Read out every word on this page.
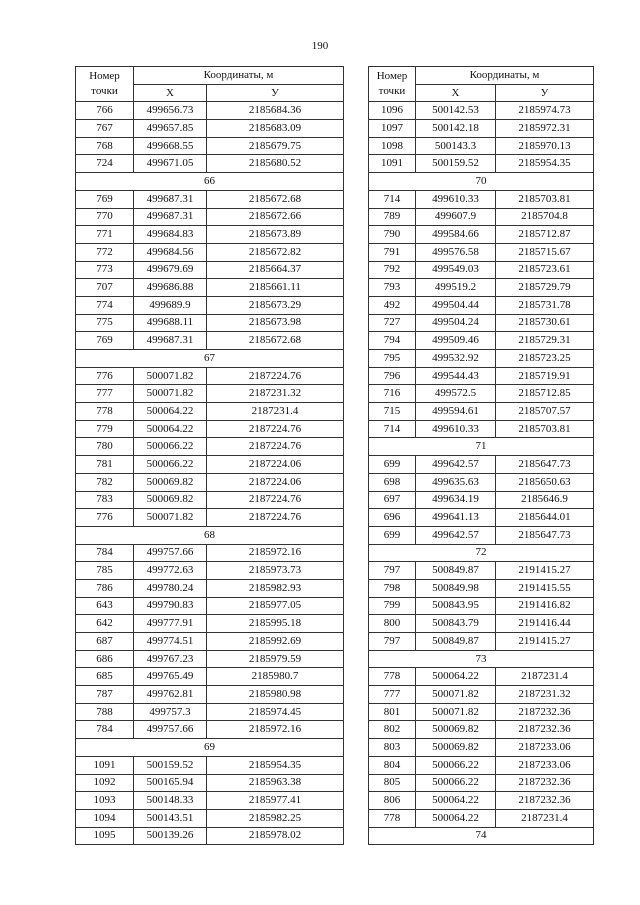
190
Номер
точки	Координаты, м	
	X	У
766	499656.73	2185684.36
767	499657.85	2185683.09
768	499668.55	2185679.75
724	499671.05	2185680.52
66		
769	499687.31	2185672.68
770	499687.31	2185672.66
771	499684.83	2185673.89
772	499684.56	2185672.82
773	499679.69	2185664.37
707	499686.88	2185661.11
774	499689.9	2185673.29
775	499688.11	2185673.98
769	499687.31	2185672.68
67		
776	500071.82	2187224.76
777	500071.82	2187231.32
778	500064.22	2187231.4
779	500064.22	2187224.76
780	500066.22	2187224.76
781	500066.22	2187224.06
782	500069.82	2187224.06
783	500069.82	2187224.76
776	500071.82	2187224.76
68		
784	499757.66	2185972.16
785	499772.63	2185973.73
786	499780.24	2185982.93
643	499790.83	2185977.05
642	499777.91	2185995.18
687	499774.51	2185992.69
686	499767.23	2185979.59
685	499765.49	2185980.7
787	499762.81	2185980.98
788	499757.3	2185974.45
784	499757.66	2185972.16
69		
1091	500159.52	2185954.35
1092	500165.94	2185963.38
1093	500148.33	2185977.41
1094	500143.51	2185982.25
1095	500139.26	2185978.02
Номер
точки	Координаты, м	
	X	У
1096	500142.53	2185974.73
1097	500142.18	2185972.31
1098	500143.3	2185970.13
1091	500159.52	2185954.35
70		
714	499610.33	2185703.81
789	499607.9	2185704.8
790	499584.66	2185712.87
791	499576.58	2185715.67
792	499549.03	2185723.61
793	499519.2	2185729.79
492	499504.44	2185731.78
727	499504.24	2185730.61
794	499509.46	2185729.31
795	499532.92	2185723.25
796	499544.43	2185719.91
716	499572.5	2185712.85
715	499594.61	2185707.57
714	499610.33	2185703.81
71		
699	499642.57	2185647.73
698	499635.63	2185650.63
697	499634.19	2185646.9
696	499641.13	2185644.01
699	499642.57	2185647.73
72		
797	500849.87	2191415.27
798	500849.98	2191415.55
799	500843.95	2191416.82
800	500843.79	2191416.44
797	500849.87	2191415.27
73		
778	500064.22	2187231.4
777	500071.82	2187231.32
801	500071.82	2187232.36
802	500069.82	2187232.36
803	500069.82	2187233.06
804	500066.22	2187233.06
805	500066.22	2187232.36
806	500064.22	2187232.36
778	500064.22	2187231.4
74		
